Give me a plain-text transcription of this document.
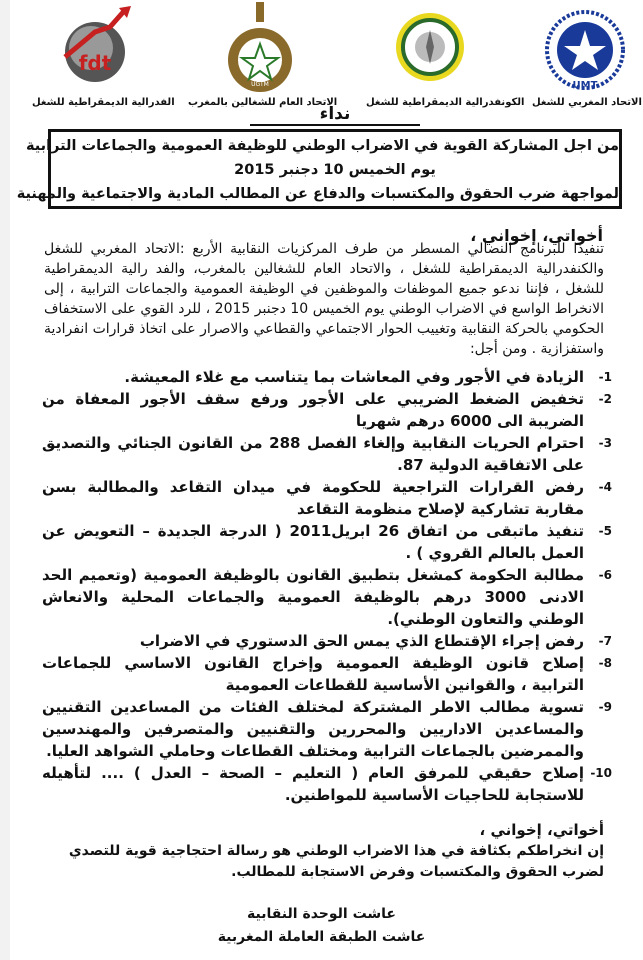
fdt
الفدرالية الديمقراطية للشغل
UGTM
الاتحاد العام للشغالين بالمغرب	الكونفدرالية الديمقراطية للشغل
UMT
الاتحاد المغربي للشغل
نداء
من اجل المشاركة القوية في الاضراب الوطني للوظيفة العمومية والجماعات الترابية
يوم الخميس 10 دجنبر 2015
لمواجهة ضرب الحقوق والمكتسبات والدفاع عن المطالب المادية والاجتماعية والمهنية
أخواتي، إخواني ،
تنفيذا للبرنامج النضالي المسطر من طرف المركزيات النقابية الأربع :الاتحاد المغربي للشغل والكنفدرالية الديمقراطية للشغل ، والاتحاد العام للشغالين بالمغرب، والفد رالية الديمقراطية للشغل ، فإننا ندعو جميع الموظفات والموظفين في الوظيفة العمومية والجماعات الترابية ، إلى الانخراط الواسع في الاضراب الوطني يوم الخميس 10 دجنبر 2015 ، للرد القوي على الاستخفاف الحكومي بالحركة النقابية وتغييب الحوار الاجتماعي والقطاعي والاصرار على اتخاذ قرارات انفرادية واستفزازية . ومن أجل:
1-
الزيادة في الأجور وفي المعاشات بما يتناسب مع غلاء المعيشة.
2-
تخفيض الضغط الضريبي على الأجور ورفع سقف الأجور المعفاة من الضريبة الى 6000 درهم شهريا
3-
احترام الحريات النقابية وإلغاء الفصل 288 من القانون الجنائي والتصديق على الاتفاقية الدولية 87.
4-
رفض القرارات التراجعية للحكومة في ميدان التقاعد والمطالبة بسن مقاربة تشاركية لإصلاح منظومة التقاعد
5-
تنفيذ ماتبقى من اتفاق 26 ابريل2011 ( الدرجة الجديدة – التعويض عن العمل بالعالم القروي ) .
6-
مطالبة الحكومة كمشغل بتطبيق القانون بالوظيفة العمومية (وتعميم الحد الادنى 3000 درهم بالوظيفة العمومية والجماعات المحلية والانعاش الوطني والتعاون الوطني).
7-
رفض إجراء الإقتطاع الذي يمس الحق الدستوري في الاضراب
8-
إصلاح قانون الوظيفة العمومية وإخراج القانون الاساسي للجماعات الترابية ، والقوانين الأساسية للقطاعات العمومية
9-
تسوية مطالب الاطر المشتركة لمختلف الفئات من المساعدين التقنيين والمساعدين الاداريين والمحررين والتقنيين والمتصرفين والمهندسين والممرضين بالجماعات الترابية ومختلف القطاعات وحاملي الشواهد العليا.
10-
إصلاح حقيقي للمرفق العام ( التعليم – الصحة – العدل ) .... لتأهيله للاستجابة للحاجيات الأساسية للمواطنين.
أخواتي، إخواني ،
إن انخراطكم بكثافة في هذا الاضراب الوطني هو رسالة احتجاجية قوية للتصدي لضرب الحقوق والمكتسبات وفرض الاستجابة للمطالب.
عاشت الوحدة النقابية
عاشت الطبقة العاملة المغربية
